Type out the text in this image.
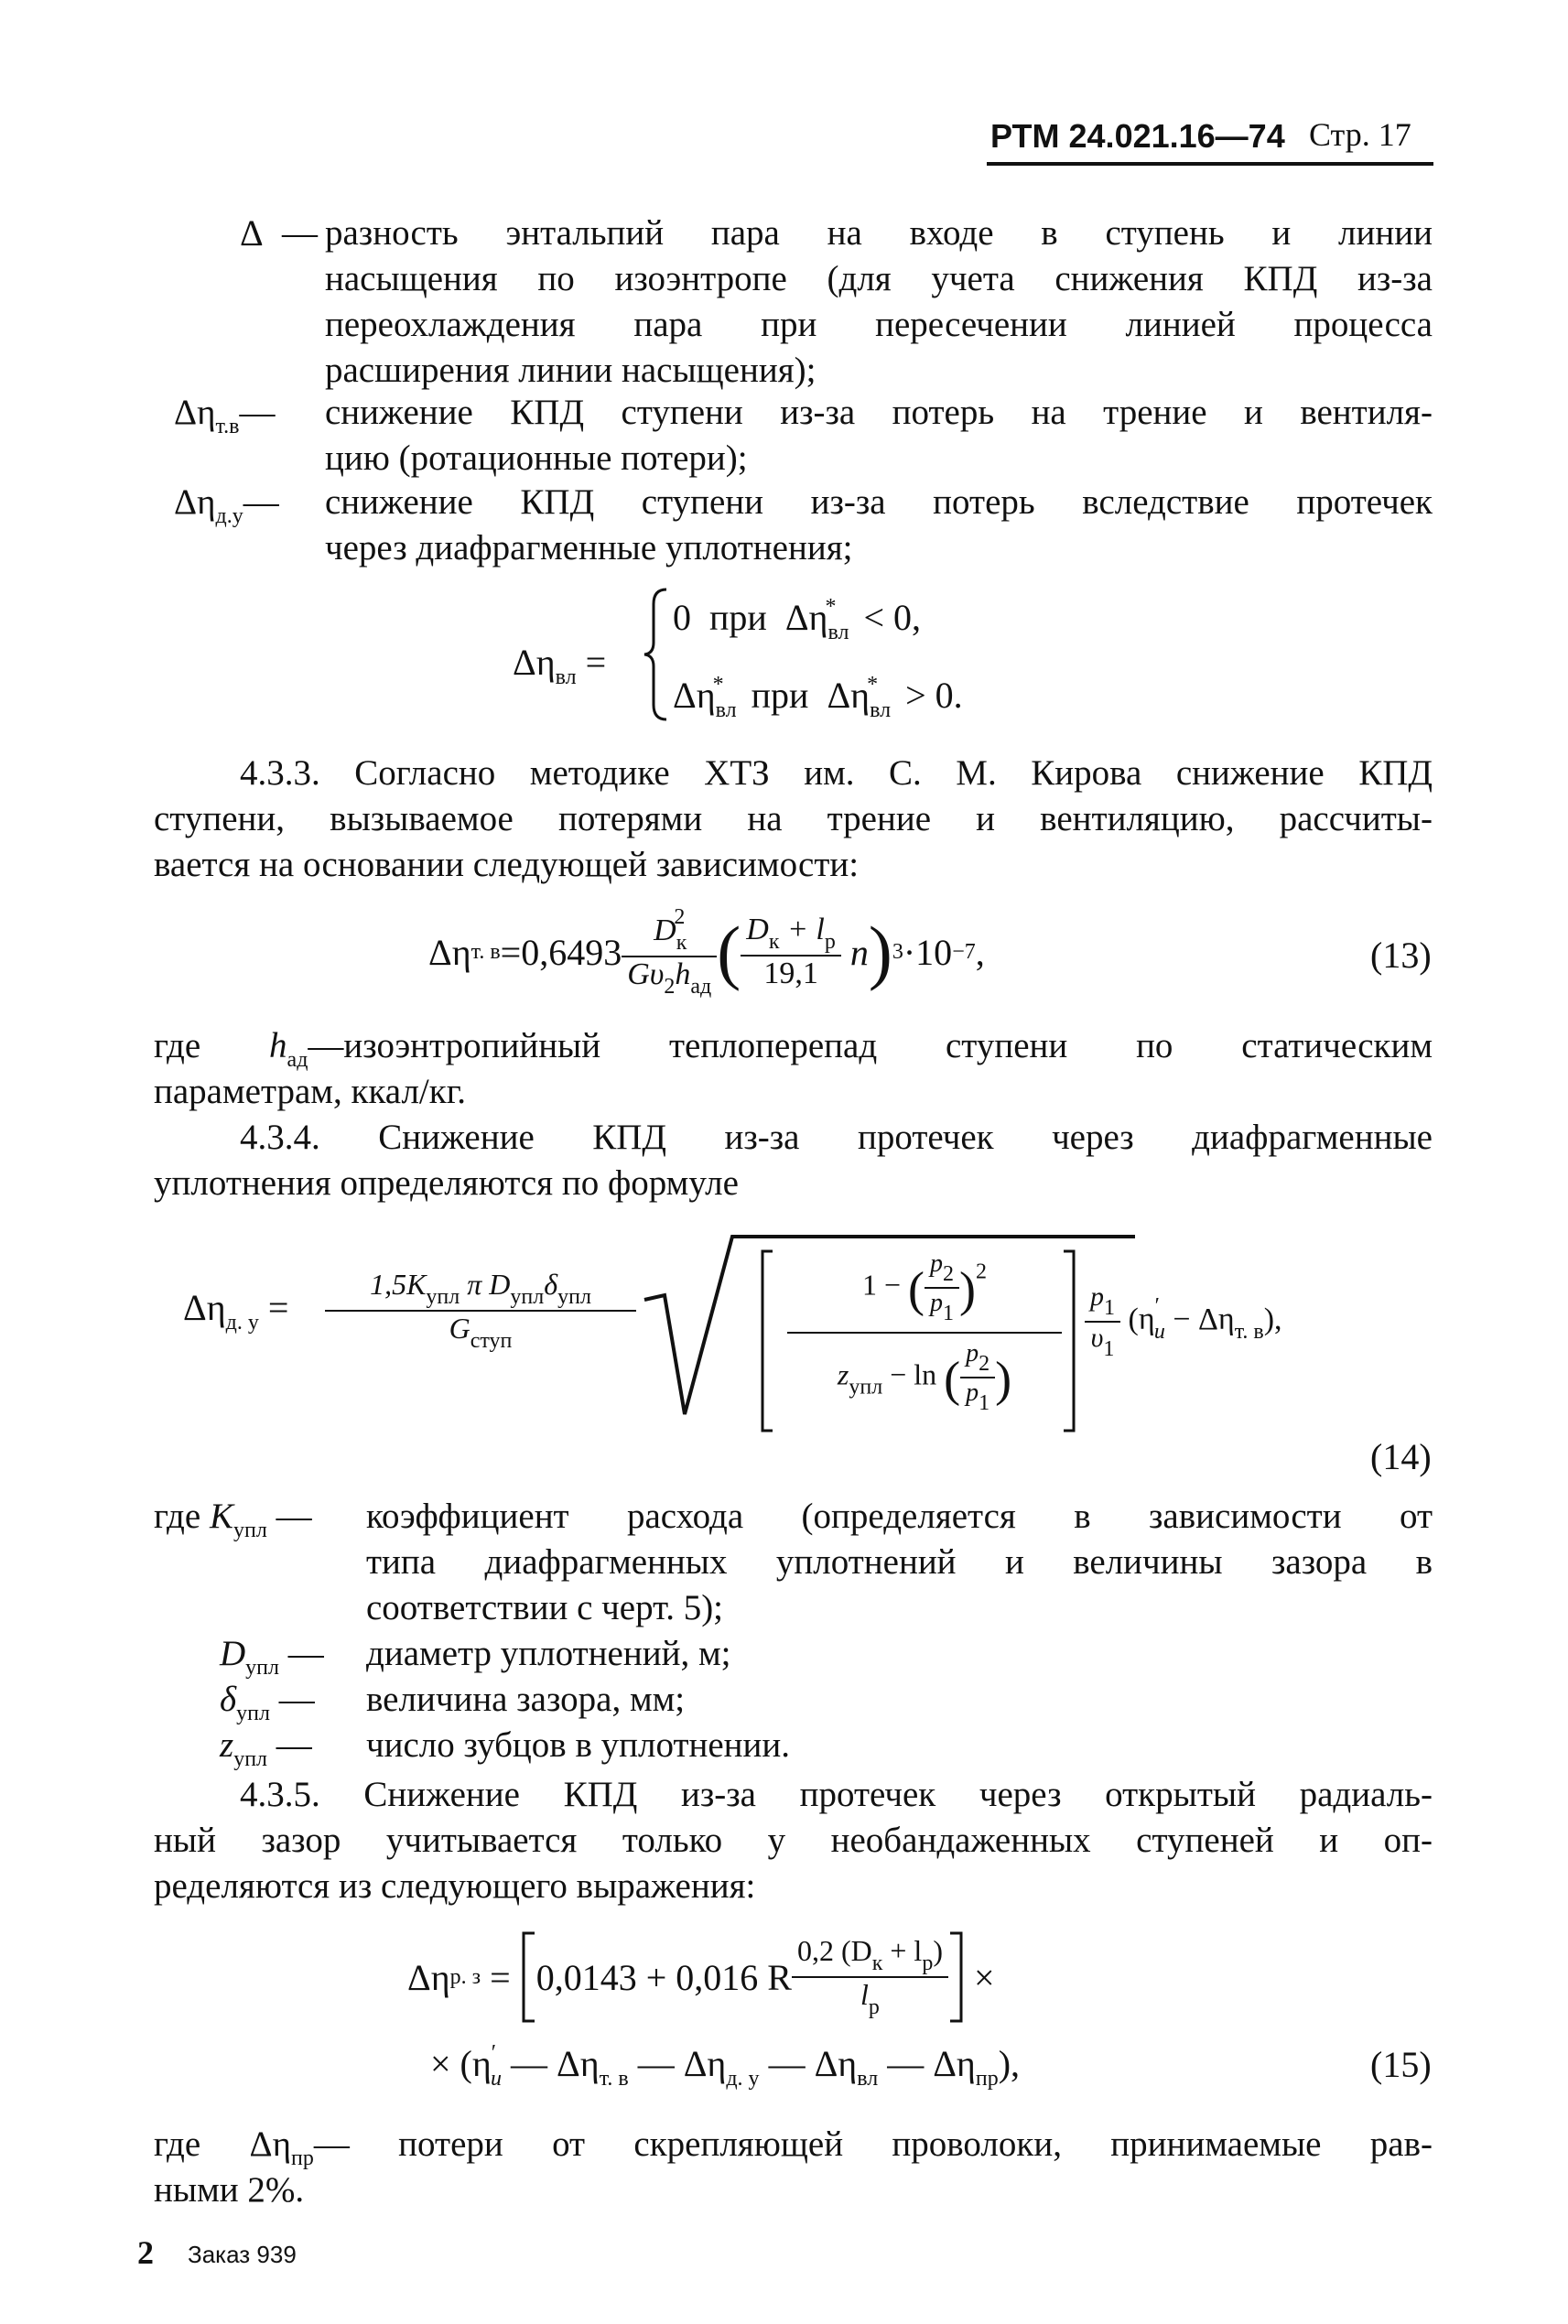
РТМ 24.021.16—74 Стр. 17
Δ — разность энтальпий пара на входе в ступень и линии
насыщения по изоэнтропе (для учета снижения КПД из-за
переохлаждения пара при пересечении линией процесса
расширения линии насыщения);
$\Delta\eta_{т.в}—$ снижение КПД ступени из-за потерь на трение и вентиля-
цию (ротационные потери);
$\Delta\eta_{д.у}—$ снижение КПД ступени из-за потерь вследствие протечек
через диафрагменные уплотнения;
$\Delta\eta_{вл}$ =
0 при $\Delta\eta_{вл}^* < 0$,
$\Delta\eta_{вл}^*$ при $\Delta\eta_{вл}^* > 0$.
4.3.3. Согласно методике ХТЗ им. С. М. Кирова снижение КПД
ступени, вызываемое потерями на трение и вентиляцию, рассчиты-
вается на основании следующей зависимости:
Δη т. $в =0,6493 \frac{D_к^2}{G\upsilon_2h_{ад}}$ ( $\frac{D_к + l_р}{19,1}$ n ) 3 ·10 −7 ,	(13)
где $h_{ад}—изоэнтропийный$ теплоперепад ступени по статическим
параметрам, ккал/кг.
4.3.4. Снижение КПД из-за протечек через диафрагменные
уплотнения определяются по формуле
$\Delta\eta_{д. у} = \frac{1,5K_{упл} \pi D_{упл}\delta_{упл}}{G_{ступ}}$	$\frac{1 - ( \frac{p2}{p1} )^2}{z_{упл} - \ln ( \frac{p2}{p1} )} \frac{p_1}{\upsilon_1} (\eta'_u - \Delta\eta_{т. в})$,
(14)
где $K_{упл}$ — коэффициент расхода (определяется в зависимости от
типа диафрагменных уплотнений и величины зазора в
соответствии с черт. 5);
$D_{упл}$ — диаметр уплотнений, м;
$\delta_{упл}$ — величина зазора, мм;
$z_{упл}$ — число зубцов в уплотнении.
4.3.5. Снижение КПД из-за протечек через открытый радиаль-
ный зазор учитывается только у необандаженных ступеней и оп-
ределяются из следующего выражения:
Δη р. з
=
0,0143 + 0,016 R $\frac{0,2 (D_к + l_р)}{l_р}$
×
× ($\eta'_u$ — $\Delta\eta_{т. в}$ — $\Delta\eta_{д. у}$ — $\Delta\eta_{вл}$ — $\Delta\eta_{пр}$),	(15)
где $\Delta\eta_{пр}—$ потери от скрепляющей проволоки, принимаемые рав-
ными 2%.
2 Заказ 939
